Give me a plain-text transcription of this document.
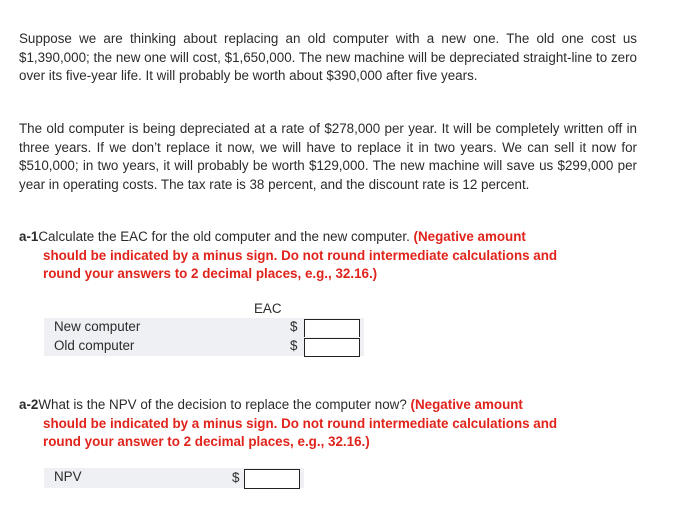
Suppose we are thinking about replacing an old computer with a new one. The old one cost us $1,390,000; the new one will cost, $1,650,000. The new machine will be depreciated straight-line to zero over its five-year life. It will probably be worth about $390,000 after five years.

The old computer is being depreciated at a rate of $278,000 per year. It will be completely written off in three years. If we don’t replace it now, we will have to replace it in two years. We can sell it now for $510,000; in two years, it will probably be worth $129,000. The new machine will save us $299,000 per year in operating costs. The tax rate is 38 percent, and the discount rate is 12 percent.

a-1Calculate the EAC for the old computer and the new computer. (Negative amount
should be indicated by a minus sign. Do not round intermediate calculations and
round your answers to 2 decimal places, e.g., 32.16.)
EAC
New computer	$
Old computer	$
a-2What is the NPV of the decision to replace the computer now? (Negative amount
should be indicated by a minus sign. Do not round intermediate calculations and
round your answer to 2 decimal places, e.g., 32.16.)
NPV	$
